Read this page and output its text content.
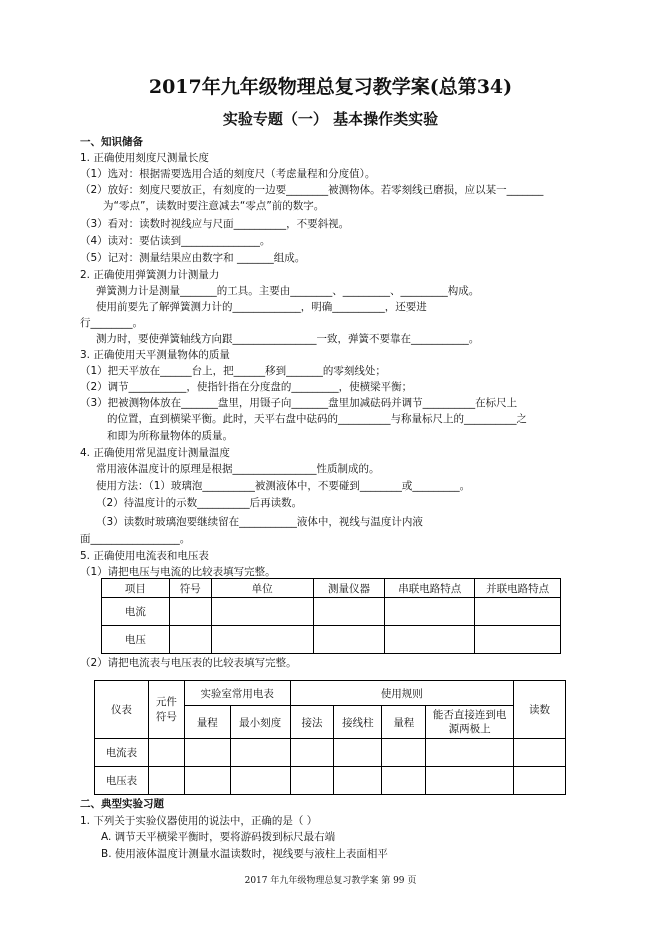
2017年九年级物理总复习教学案(总第34)
实验专题（一） 基本操作类实验
一、知识储备
1. 正确使用刻度尺测量长度
（1）选对：根据需要选用合适的刻度尺（考虑量程和分度值）。
（2）放好：刻度尺要放正，有刻度的一边要________被测物体。若零刻线已磨损，应以某一_______
为“零点”，读数时要注意减去“零点”前的数字。
（3）看对：读数时视线应与尺面__________，不要斜视。
（4）读对：要估读到_______________。
（5）记对：测量结果应由数字和 _______组成。
2. 正确使用弹簧测力计测量力
弹簧测力计是测量_______的工具。主要由________、_________、_________构成。
使用前要先了解弹簧测力计的_____________，明确__________，还要进
行________。
测力时，要使弹簧轴线方向跟________________一致，弹簧不要靠在___________。
3. 正确使用天平测量物体的质量
（1）把天平放在______台上，把______移到_______的零刻线处；
（2）调节___________，使指针指在分度盘的_________，使横梁平衡；
（3）把被测物体放在_______盘里，用镊子向_______盘里加减砝码并调节__________在标尺上
的位置，直到横梁平衡。此时，天平右盘中砝码的__________与称量标尺上的__________之
和即为所称量物体的质量。
4. 正确使用常见温度计测量温度
常用液体温度计的原理是根据________________性质制成的。
使用方法：（1）玻璃泡__________被测液体中，不要碰到________或_________。
（2）待温度计的示数__________后再读数。
（3）读数时玻璃泡要继续留在___________液体中，视线与温度计内液
面_________________。
5. 正确使用电流表和电压表
（1）请把电压与电流的比较表填写完整。
项目	符号	单位	测量仪器	串联电路特点	并联电路特点
电流					
电压					
（2）请把电流表与电压表的比较表填写完整。
仪表	元件符号	实验室常用电表		使用规则				读数
		量程	最小刻度	接法	接线柱	量程	能否直接连到电源两极上	
电流表								
电压表								
二、典型实验习题
1. 下列关于实验仪器使用的说法中，正确的是（ ）
A. 调节天平横梁平衡时，要将游码拨到标尺最右端
B. 使用液体温度计测量水温读数时，视线要与液柱上表面相平
2017 年九年级物理总复习教学案 第 99 页
